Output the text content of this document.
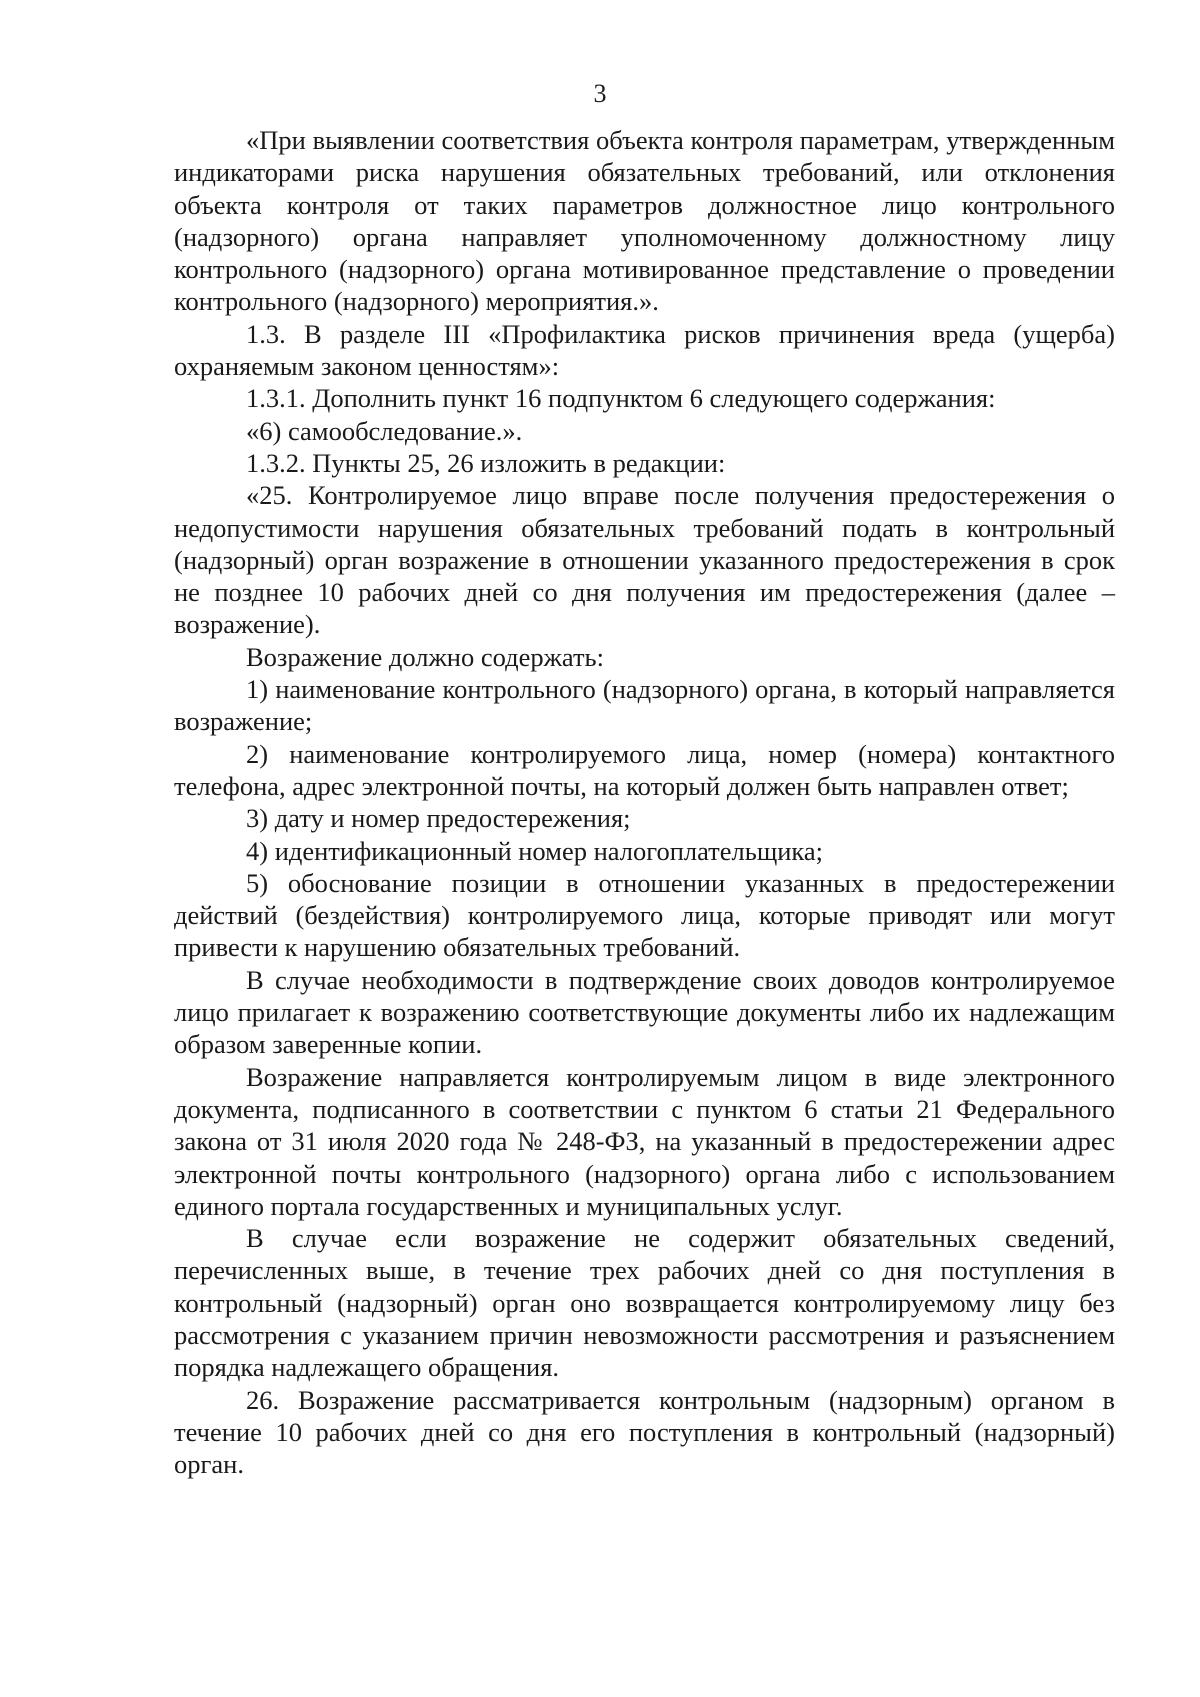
3

«При выявлении соответствия объекта контроля параметрам, утвержденным индикаторами риска нарушения обязательных требований, или отклонения объекта контроля от таких параметров должностное лицо контрольного (надзорного) органа направляет уполномоченному должностному лицу контрольного (надзорного) органа мотивированное представление о проведении контрольного (надзорного) мероприятия.».

1.3. В разделе III «Профилактика рисков причинения вреда (ущерба) охраняемым законом ценностям»:

1.3.1. Дополнить пункт 16 подпунктом 6 следующего содержания:

«6) самообследование.».

1.3.2. Пункты 25, 26 изложить в редакции:

«25. Контролируемое лицо вправе после получения предостережения о недопустимости нарушения обязательных требований подать в контрольный (надзорный) орган возражение в отношении указанного предостережения в срок не позднее 10 рабочих дней со дня получения им предостережения (далее – возражение).

Возражение должно содержать:

1) наименование контрольного (надзорного) органа, в который направляется возражение;

2) наименование контролируемого лица, номер (номера) контактного телефона, адрес электронной почты, на который должен быть направлен ответ;

3) дату и номер предостережения;

4) идентификационный номер налогоплательщика;

5) обоснование позиции в отношении указанных в предостережении действий (бездействия) контролируемого лица, которые приводят или могут привести к нарушению обязательных требований.

В случае необходимости в подтверждение своих доводов контролируемое лицо прилагает к возражению соответствующие документы либо их надлежащим образом заверенные копии.

Возражение направляется контролируемым лицом в виде электронного документа, подписанного в соответствии с пунктом 6 статьи 21 Федерального закона от 31 июля 2020 года № 248-ФЗ, на указанный в предостережении адрес электронной почты контрольного (надзорного) органа либо с использованием единого портала государственных и муниципальных услуг.

В случае если возражение не содержит обязательных сведений, перечисленных выше, в течение трех рабочих дней со дня поступления в контрольный (надзорный) орган оно возвращается контролируемому лицу без рассмотрения с указанием причин невозможности рассмотрения и разъяснением порядка надлежащего обращения.

26. Возражение рассматривается контрольным (надзорным) органом в течение 10 рабочих дней со дня его поступления в контрольный (надзорный) орган.
